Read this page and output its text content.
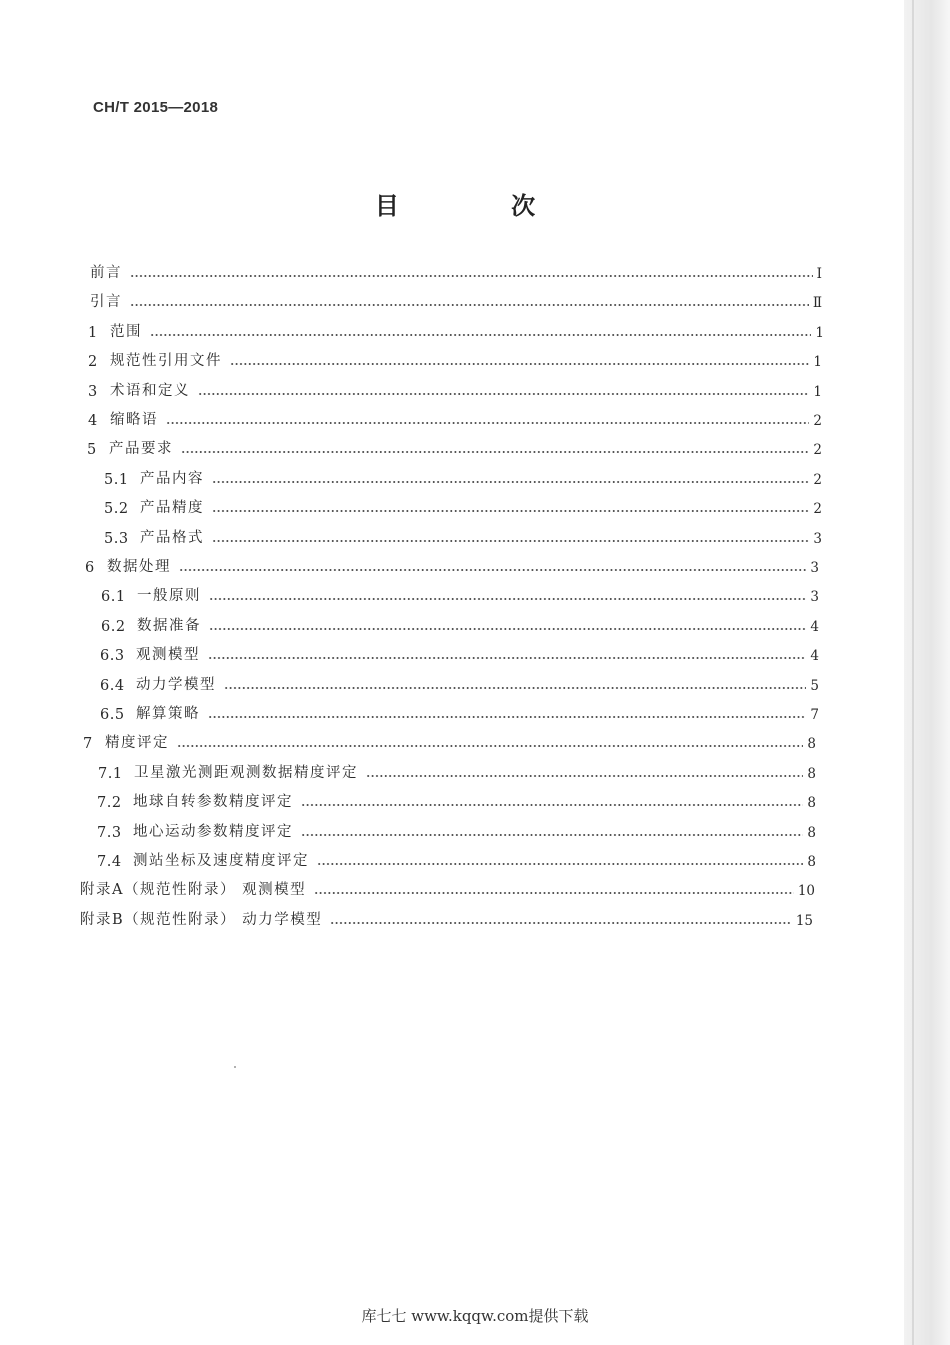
CH/T 2015—2018
目 次
前言	Ⅰ
引言	Ⅱ
1 范围	1
2 规范性引用文件	1
3 术语和定义	1
4 缩略语	2
5 产品要求	2
5.1 产品内容	2
5.2 产品精度	2
5.3 产品格式	3
6 数据处理	3
6.1 一般原则	3
6.2 数据准备	4
6.3 观测模型	4
6.4 动力学模型	5
6.5 解算策略	7
7 精度评定	8
7.1 卫星激光测距观测数据精度评定	8
7.2 地球自转参数精度评定	8
7.3 地心运动参数精度评定	8
7.4 测站坐标及速度精度评定	8
附录A（规范性附录） 观测模型	10
附录B（规范性附录） 动力学模型	15
库七七 www.kqqw.com提供下载
